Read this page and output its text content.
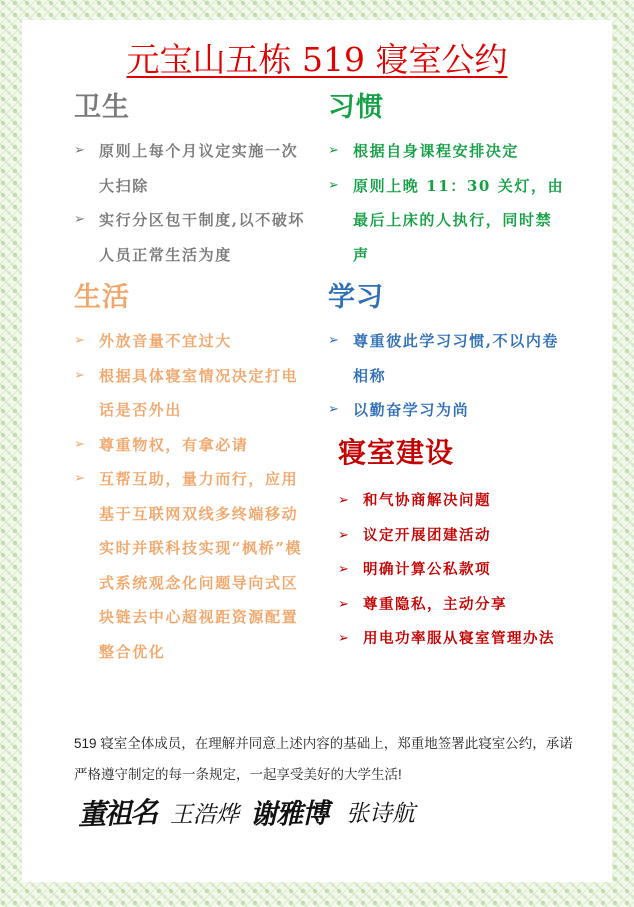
元宝山五栋 519 寝室公约
卫生
➢ 原则上每个月议定实施一次大扫除
➢ 实行分区包干制度,以不破坏人员正常生活为度
习惯
➢ 根据自身课程安排决定
➢ 原则上晚 11：30 关灯，由最后上床的人执行，同时禁声
生活
➢ 外放音量不宜过大
➢ 根据具体寝室情况决定打电话是否外出
➢ 尊重物权，有拿必请
➢ 互帮互助，量力而行，应用基于互联网双线多终端移动实时并联科技实现“枫桥”模式系统观念化问题导向式区块链去中心超视距资源配置整合优化
学习
➢ 尊重彼此学习习惯,不以内卷相称
➢ 以勤奋学习为尚
寝室建设
➢ 和气协商解决问题
➢ 议定开展团建活动
➢ 明确计算公私款项
➢ 尊重隐私，主动分享
➢ 用电功率服从寝室管理办法

519 寝室全体成员，在理解并同意上述内容的基础上，郑重地签署此寝室公约，承诺严格遵守制定的每一条规定，一起享受美好的大学生活!

董祖名 王浩烨 谢雅博 张诗航
